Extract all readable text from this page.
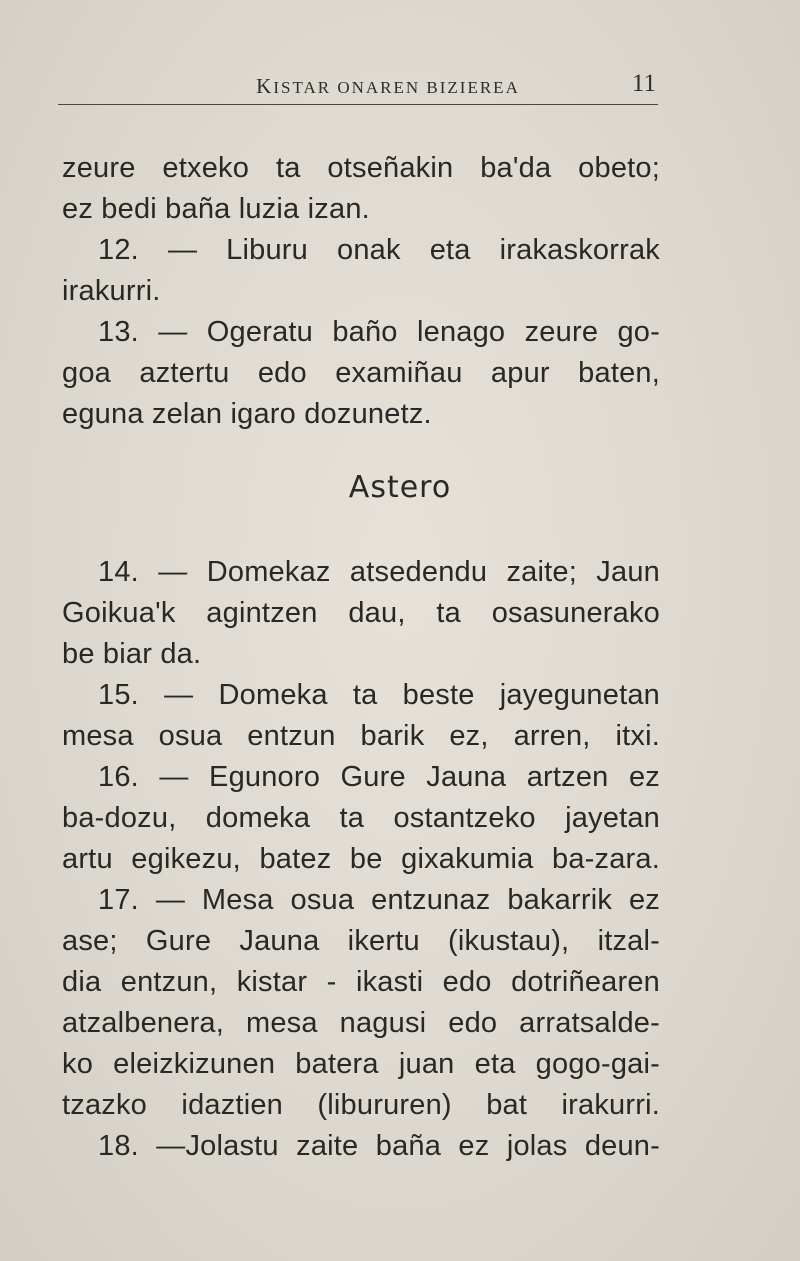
KISTAR ONAREN BIZIEREA	11
zeure etxeko ta otseñakin ba'da obeto;
ez bedi baña luzia izan.
12. — Liburu onak eta irakaskorrak
irakurri.
13. — Ogeratu baño lenago zeure go-
goa aztertu edo examiñau apur baten,
eguna zelan igaro dozunetz.
Astero
14. — Domekaz atsedendu zaite; Jaun
Goikua'k agintzen dau, ta osasunerako
be biar da.
15. — Domeka ta beste jayegunetan
mesa osua entzun barik ez, arren, itxi.
16. — Egunoro Gure Jauna artzen ez
ba-dozu, domeka ta ostantzeko jayetan
artu egikezu, batez be gixakumia ba-zara.
17. — Mesa osua entzunaz bakarrik ez
ase; Gure Jauna ikertu (ikustau), itzal-
dia entzun, kistar - ikasti edo dotriñearen
atzalbenera, mesa nagusi edo arratsalde-
ko eleizkizunen batera juan eta gogo-gai-
tzazko idaztien (libururen) bat irakurri.
18. —Jolastu zaite baña ez jolas deun-
